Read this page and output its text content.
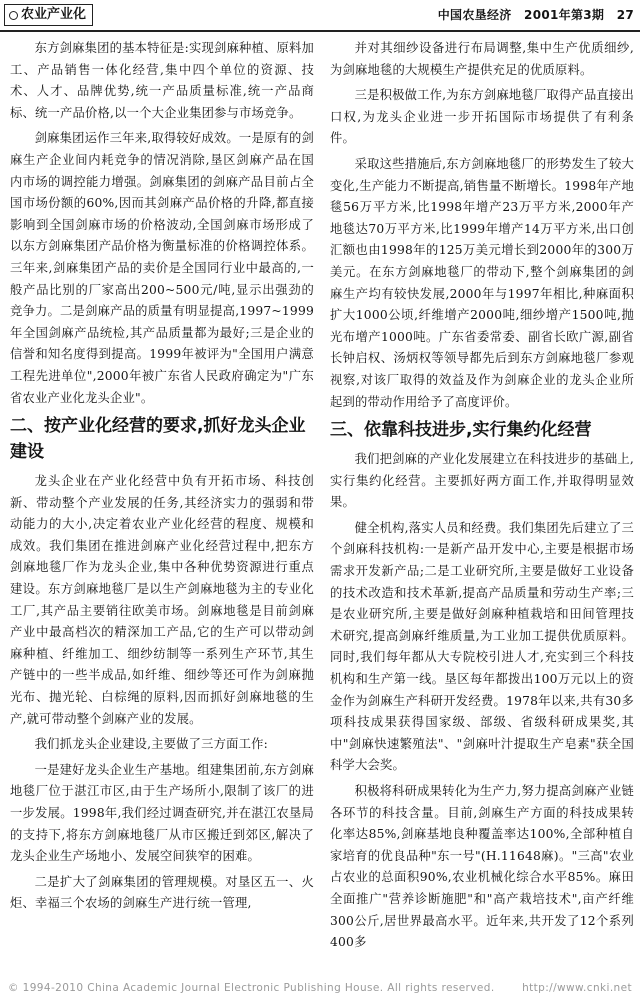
农业产业化	中国农垦经济 2001年第3期 27

东方剑麻集团的基本特征是:实现剑麻种植、原料加工、产品销售一体化经营,集中四个单位的资源、技术、人才、品牌优势,统一产品质量标准,统一产品商标、统一产品价格,以一个大企业集团参与市场竞争。

剑麻集团运作三年来,取得较好成效。一是原有的剑麻生产企业间内耗竞争的情况消除,垦区剑麻产品在国内市场的调控能力增强。剑麻集团的剑麻产品目前占全国市场份额的60%,因而其剑麻产品价格的升降,都直接影响到全国剑麻市场的价格波动,全国剑麻市场形成了以东方剑麻集团产品价格为衡量标准的价格调控体系。三年来,剑麻集团产品的卖价是全国同行业中最高的,一般产品比别的厂家高出200~500元/吨,显示出强劲的竞争力。二是剑麻产品的质量有明显提高,1997~1999年全国剑麻产品统检,其产品质量都为最好;三是企业的信誉和知名度得到提高。1999年被评为"全国用户满意工程先进单位",2000年被广东省人民政府确定为"广东省农业产业化龙头企业"。

二、按产业化经营的要求,抓好龙头企业建设

龙头企业在产业化经营中负有开拓市场、科技创新、带动整个产业发展的任务,其经济实力的强弱和带动能力的大小,决定着农业产业化经营的程度、规模和成效。我们集团在推进剑麻产业化经营过程中,把东方剑麻地毯厂作为龙头企业,集中各种优势资源进行重点建设。东方剑麻地毯厂是以生产剑麻地毯为主的专业化工厂,其产品主要销往欧美市场。剑麻地毯是目前剑麻产业中最高档次的精深加工产品,它的生产可以带动剑麻种植、纤维加工、细纱纺制等一系列生产环节,其生产链中的一些半成品,如纤维、细纱等还可作为剑麻抛光布、抛光轮、白棕绳的原料,因而抓好剑麻地毯的生产,就可带动整个剑麻产业的发展。

我们抓龙头企业建设,主要做了三方面工作:

一是建好龙头企业生产基地。组建集团前,东方剑麻地毯厂位于湛江市区,由于生产场所小,限制了该厂的进一步发展。1998年,我们经过调查研究,并在湛江农垦局的支持下,将东方剑麻地毯厂从市区搬迁到郊区,解决了龙头企业生产场地小、发展空间狭窄的困难。

二是扩大了剑麻集团的管理规模。对垦区五一、火炬、幸福三个农场的剑麻生产进行统一管理,

并对其细纱设备进行布局调整,集中生产优质细纱,为剑麻地毯的大规模生产提供充足的优质原料。

三是积极做工作,为东方剑麻地毯厂取得产品直接出口权,为龙头企业进一步开拓国际市场提供了有利条件。

采取这些措施后,东方剑麻地毯厂的形势发生了较大变化,生产能力不断提高,销售量不断增长。1998年产地毯56万平方米,比1998年增产23万平方米,2000年产地毯达70万平方米,比1999年增产14万平方米,出口创汇额也由1998年的125万美元增长到2000年的300万美元。在东方剑麻地毯厂的带动下,整个剑麻集团的剑麻生产均有较快发展,2000年与1997年相比,种麻面积扩大1000公顷,纤维增产2000吨,细纱增产1500吨,抛光布增产1000吨。广东省委常委、副省长欧广源,副省长钟启权、汤炳权等领导都先后到东方剑麻地毯厂参观视察,对该厂取得的效益及作为剑麻企业的龙头企业所起到的带动作用给予了高度评价。

三、依靠科技进步,实行集约化经营

我们把剑麻的产业化发展建立在科技进步的基础上,实行集约化经营。主要抓好两方面工作,并取得明显效果。

健全机构,落实人员和经费。我们集团先后建立了三个剑麻科技机构:一是新产品开发中心,主要是根据市场需求开发新产品;二是工业研究所,主要是做好工业设备的技术改造和技术革新,提高产品质量和劳动生产率;三是农业研究所,主要是做好剑麻种植栽培和田间管理技术研究,提高剑麻纤维质量,为工业加工提供优质原料。同时,我们每年都从大专院校引进人才,充实到三个科技机构和生产第一线。垦区每年都拨出100万元以上的资金作为剑麻生产科研开发经费。1978年以来,共有30多项科技成果获得国家级、部级、省级科研成果奖,其中"剑麻快速繁殖法"、"剑麻叶汁提取生产皂素"获全国科学大会奖。

积极将科研成果转化为生产力,努力提高剑麻产业链各环节的科技含量。目前,剑麻生产方面的科技成果转化率达85%,剑麻基地良种覆盖率达100%,全部种植自家培育的优良品种"东一号"(H.11648麻)。"三高"农业占农业的总面积90%,农业机械化综合水平85%。麻田全面推广"营养诊断施肥"和"高产栽培技术",亩产纤维300公斤,居世界最高水平。近年来,共开发了12个系列400多

© 1994-2010 China Academic Journal Electronic Publishing House. All rights reserved.	http://www.cnki.net
